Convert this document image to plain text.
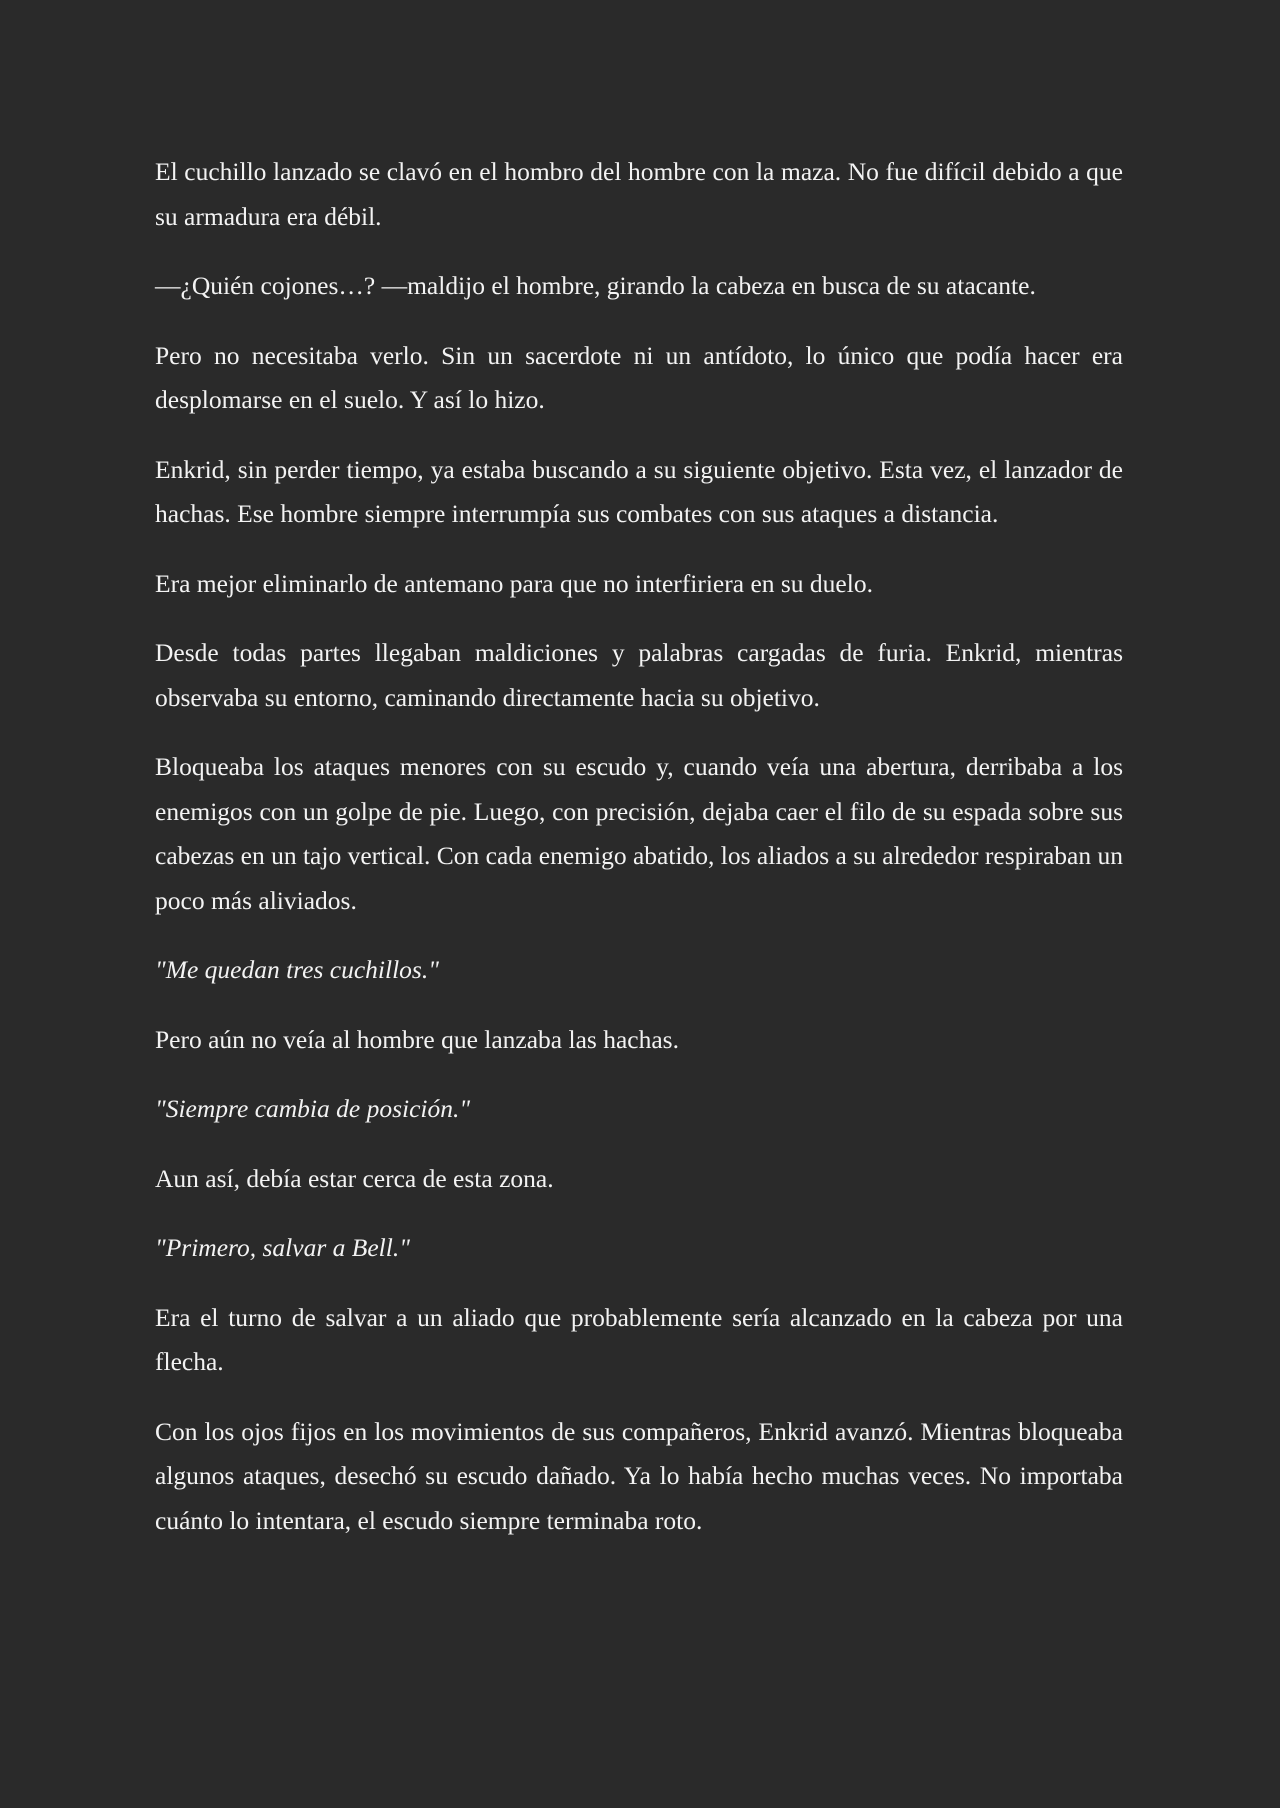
El cuchillo lanzado se clavó en el hombro del hombre con la maza. No fue difícil debido a que su armadura era débil.

—¿Quién cojones…? —maldijo el hombre, girando la cabeza en busca de su atacante.

Pero no necesitaba verlo. Sin un sacerdote ni un antídoto, lo único que podía hacer era desplomarse en el suelo. Y así lo hizo.

Enkrid, sin perder tiempo, ya estaba buscando a su siguiente objetivo. Esta vez, el lanzador de hachas. Ese hombre siempre interrumpía sus combates con sus ataques a distancia.

Era mejor eliminarlo de antemano para que no interfiriera en su duelo.

Desde todas partes llegaban maldiciones y palabras cargadas de furia. Enkrid, mientras observaba su entorno, caminando directamente hacia su objetivo.

Bloqueaba los ataques menores con su escudo y, cuando veía una abertura, derribaba a los enemigos con un golpe de pie. Luego, con precisión, dejaba caer el filo de su espada sobre sus cabezas en un tajo vertical. Con cada enemigo abatido, los aliados a su alrededor respiraban un poco más aliviados.

"Me quedan tres cuchillos."

Pero aún no veía al hombre que lanzaba las hachas.

"Siempre cambia de posición."

Aun así, debía estar cerca de esta zona.

"Primero, salvar a Bell."

Era el turno de salvar a un aliado que probablemente sería alcanzado en la cabeza por una flecha.

Con los ojos fijos en los movimientos de sus compañeros, Enkrid avanzó. Mientras bloqueaba algunos ataques, desechó su escudo dañado. Ya lo había hecho muchas veces. No importaba cuánto lo intentara, el escudo siempre terminaba roto.
